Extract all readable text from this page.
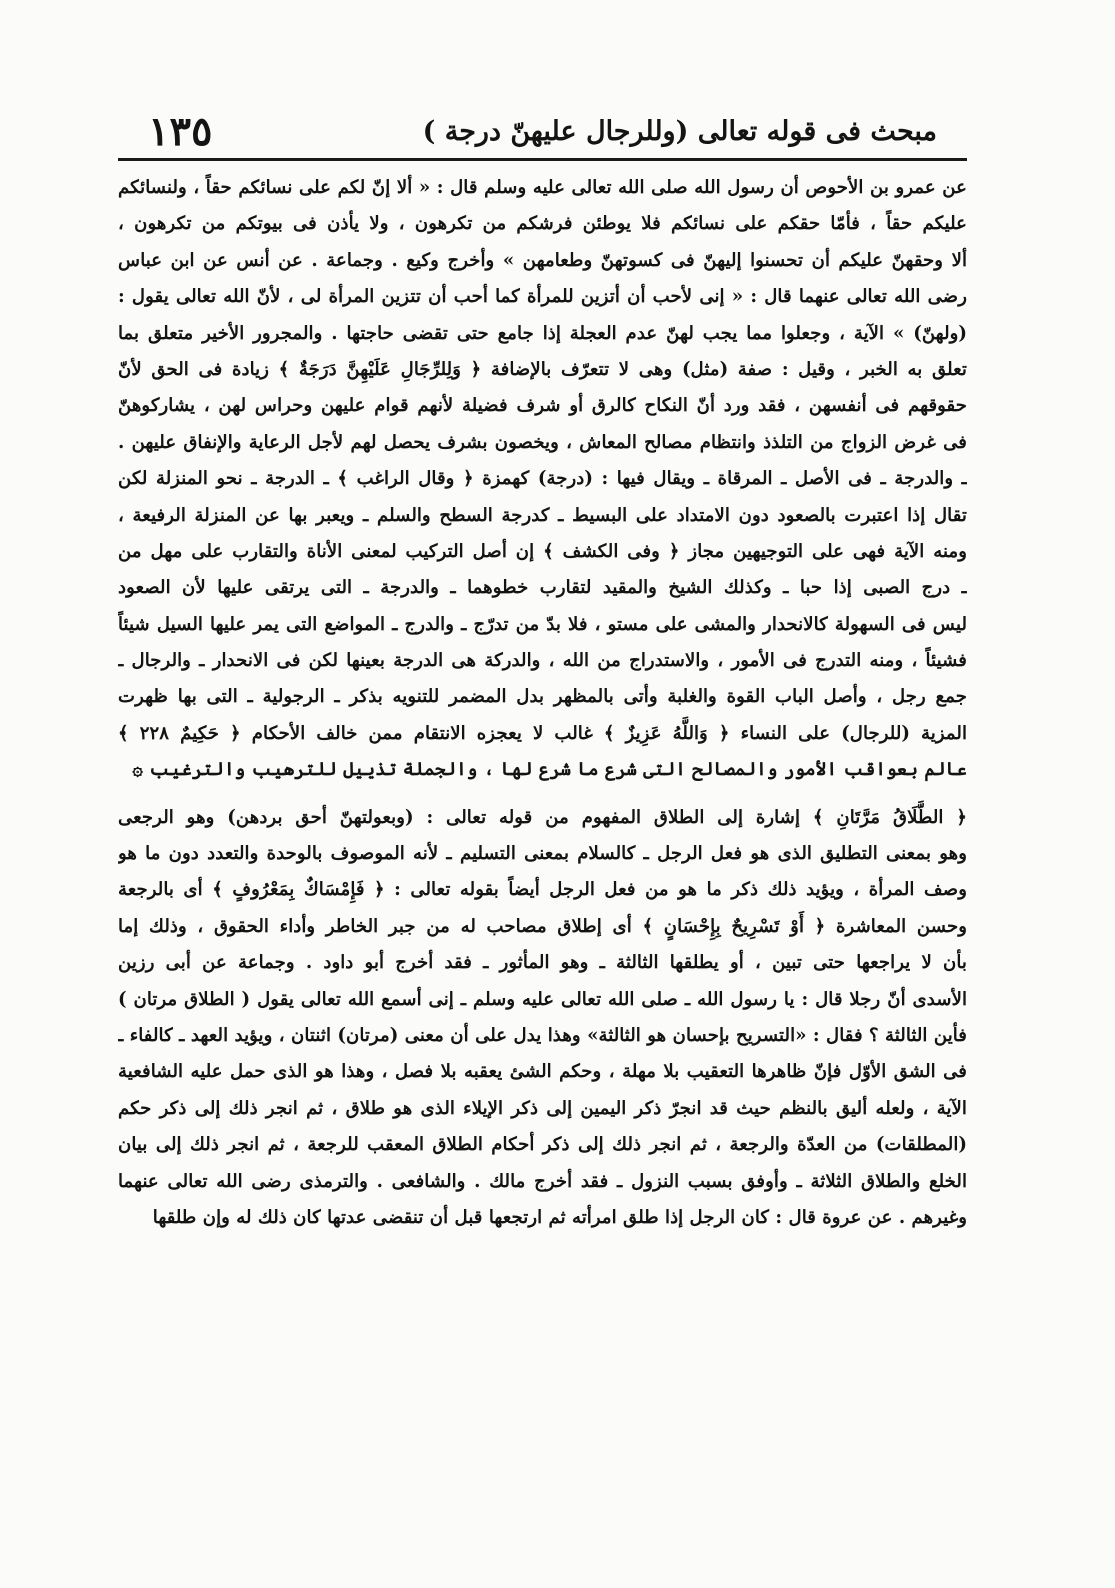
١٣٥	مبحث فى قوله تعالى (وللرجال عليهنّ درجة )
عن عمرو بن الأحوص أن رسول الله صلى الله تعالى عليه وسلم قال : « ألا إنّ لكم على نسائكم حقاً ، ولنسائكم
عليكم حقاً ، فأمّا حقكم على نسائكم فلا يوطئن فرشكم من تكرهون ، ولا يأذن فى بيوتكم من تكرهون ،
ألا وحقهنّ عليكم أن تحسنوا إليهنّ فى كسوتهنّ وطعامهن » وأخرج وكيع . وجماعة . عن أنس عن ابن عباس
رضى الله تعالى عنهما قال : « إنى لأحب أن أتزين للمرأة كما أحب أن تتزين المرأة لى ، لأنّ الله تعالى يقول :
(ولهنّ) » الآية ، وجعلوا مما يجب لهنّ عدم العجلة إذا جامع حتى تقضى حاجتها . والمجرور الأخير متعلق بما
تعلق به الخبر ، وقيل : صفة (مثل) وهى لا تتعرّف بالإضافة ﴿ وَلِلرِّجَالِ عَلَيْهِنَّ دَرَجَةٌ ﴾ زيادة فى الحق لأنّ
حقوقهم فى أنفسهن ، فقد ورد أنّ النكاح كالرق أو شرف فضيلة لأنهم قوام عليهن وحراس لهن ، يشاركوهنّ
فى غرض الزواج من التلذذ وانتظام مصالح المعاش ، ويخصون بشرف يحصل لهم لأجل الرعاية والإنفاق عليهن .
ـ والدرجة ـ فى الأصل ـ المرقاة ـ ويقال فيها : (درجة) كهمزة ﴿ وقال الراغب ﴾ ـ الدرجة ـ نحو المنزلة لكن
تقال إذا اعتبرت بالصعود دون الامتداد على البسيط ـ كدرجة السطح والسلم ـ ويعبر بها عن المنزلة الرفيعة ،
ومنه الآية فهى على التوجيهين مجاز ﴿ وفى الكشف ﴾ إن أصل التركيب لمعنى الأناة والتقارب على مهل من
ـ درج الصبى إذا حبا ـ وكذلك الشيخ والمقيد لتقارب خطوهما ـ والدرجة ـ التى يرتقى عليها لأن الصعود
ليس فى السهولة كالانحدار والمشى على مستو ، فلا بدّ من تدرّج ـ والدرج ـ المواضع التى يمر عليها السيل شيئاً
فشيئاً ، ومنه التدرج فى الأمور ، والاستدراج من الله ، والدركة هى الدرجة بعينها لكن فى الانحدار ـ والرجال ـ
جمع رجل ، وأصل الباب القوة والغلبة وأتى بالمظهر بدل المضمر للتنويه بذكر ـ الرجولية ـ التى بها ظهرت
المزية (للرجال) على النساء ﴿ وَاللَّهُ عَزِيزٌ ﴾ غالب لا يعجزه الانتقام ممن خالف الأحكام ﴿ حَكِيمٌ ٢٢٨ ﴾
عالم بعواقب الأمور والمصالح التى شرع ما شرع لها ، والجملة تذييل للترهيب والترغيب ۞
﴿ الطَّلَاقُ مَرَّتَانِ ﴾ إشارة إلى الطلاق المفهوم من قوله تعالى : (وبعولتهنّ أحق بردهن) وهو الرجعى
وهو بمعنى التطليق الذى هو فعل الرجل ـ كالسلام بمعنى التسليم ـ لأنه الموصوف بالوحدة والتعدد دون ما هو
وصف المرأة ، ويؤيد ذلك ذكر ما هو من فعل الرجل أيضاً بقوله تعالى : ﴿ فَإِمْسَاكٌ بِمَعْرُوفٍ ﴾ أى بالرجعة
وحسن المعاشرة ﴿ أَوْ تَسْرِيحٌ بِإِحْسَانٍ ﴾ أى إطلاق مصاحب له من جبر الخاطر وأداء الحقوق ، وذلك إما
بأن لا يراجعها حتى تبين ، أو يطلقها الثالثة ـ وهو المأثور ـ فقد أخرج أبو داود . وجماعة عن أبى رزين
الأسدى أنّ رجلا قال : يا رسول الله ـ صلى الله تعالى عليه وسلم ـ إنى أسمع الله تعالى يقول ( الطلاق مرتان )
فأين الثالثة ؟ فقال : «التسريح بإحسان هو الثالثة» وهذا يدل على أن معنى (مرتان) اثنتان ، ويؤيد العهد ـ كالفاء ـ
فى الشق الأوّل فإنّ ظاهرها التعقيب بلا مهلة ، وحكم الشئ يعقبه بلا فصل ، وهذا هو الذى حمل عليه الشافعية
الآية ، ولعله أليق بالنظم حيث قد انجرّ ذكر اليمين إلى ذكر الإيلاء الذى هو طلاق ، ثم انجر ذلك إلى ذكر حكم
(المطلقات) من العدّة والرجعة ، ثم انجر ذلك إلى ذكر أحكام الطلاق المعقب للرجعة ، ثم انجر ذلك إلى بيان
الخلع والطلاق الثلاثة ـ وأوفق بسبب النزول ـ فقد أخرج مالك . والشافعى . والترمذى رضى الله تعالى عنهما
وغيرهم . عن عروة قال : كان الرجل إذا طلق امرأته ثم ارتجعها قبل أن تنقضى عدتها كان ذلك له وإن طلقها
